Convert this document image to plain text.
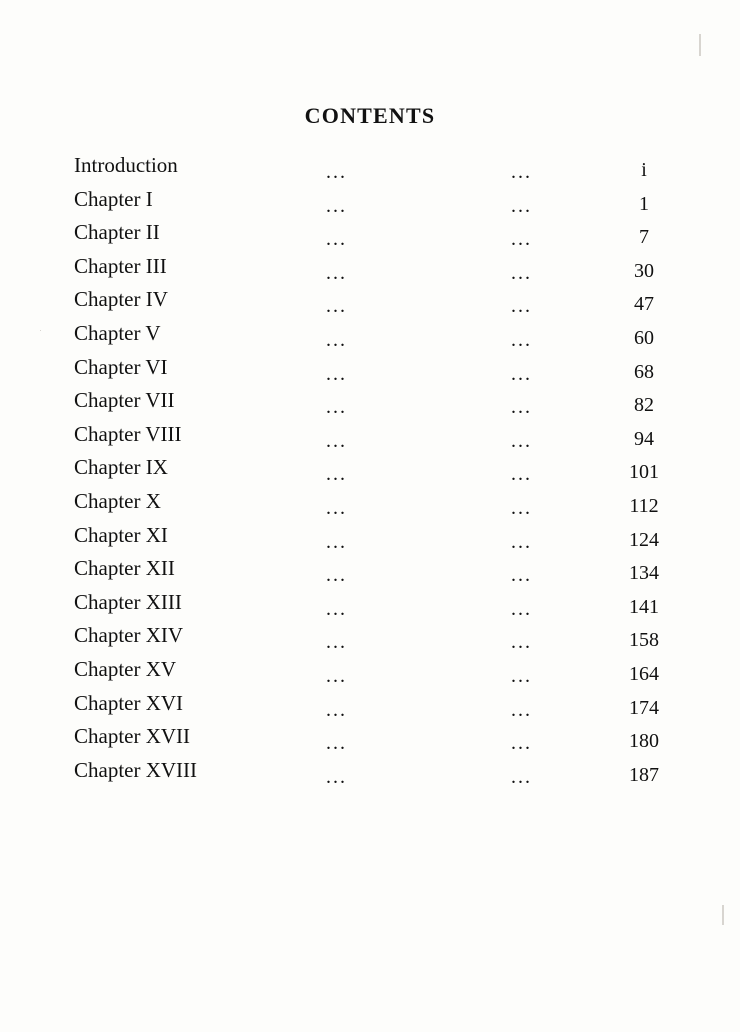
CONTENTS
Introduction	...	...	i
Chapter I	...	...	1
Chapter II	...	...	7
Chapter III	...	...	30
Chapter IV	...	...	47
Chapter V	...	...	60
Chapter VI	...	...	68
Chapter VII	...	...	82
Chapter VIII	...	...	94
Chapter IX	...	...	101
Chapter X	...	...	112
Chapter XI	...	...	124
Chapter XII	...	...	134
Chapter XIII	...	...	141
Chapter XIV	...	...	158
Chapter XV	...	...	164
Chapter XVI	...	...	174
Chapter XVII	...	...	180
Chapter XVIII	...	...	187
